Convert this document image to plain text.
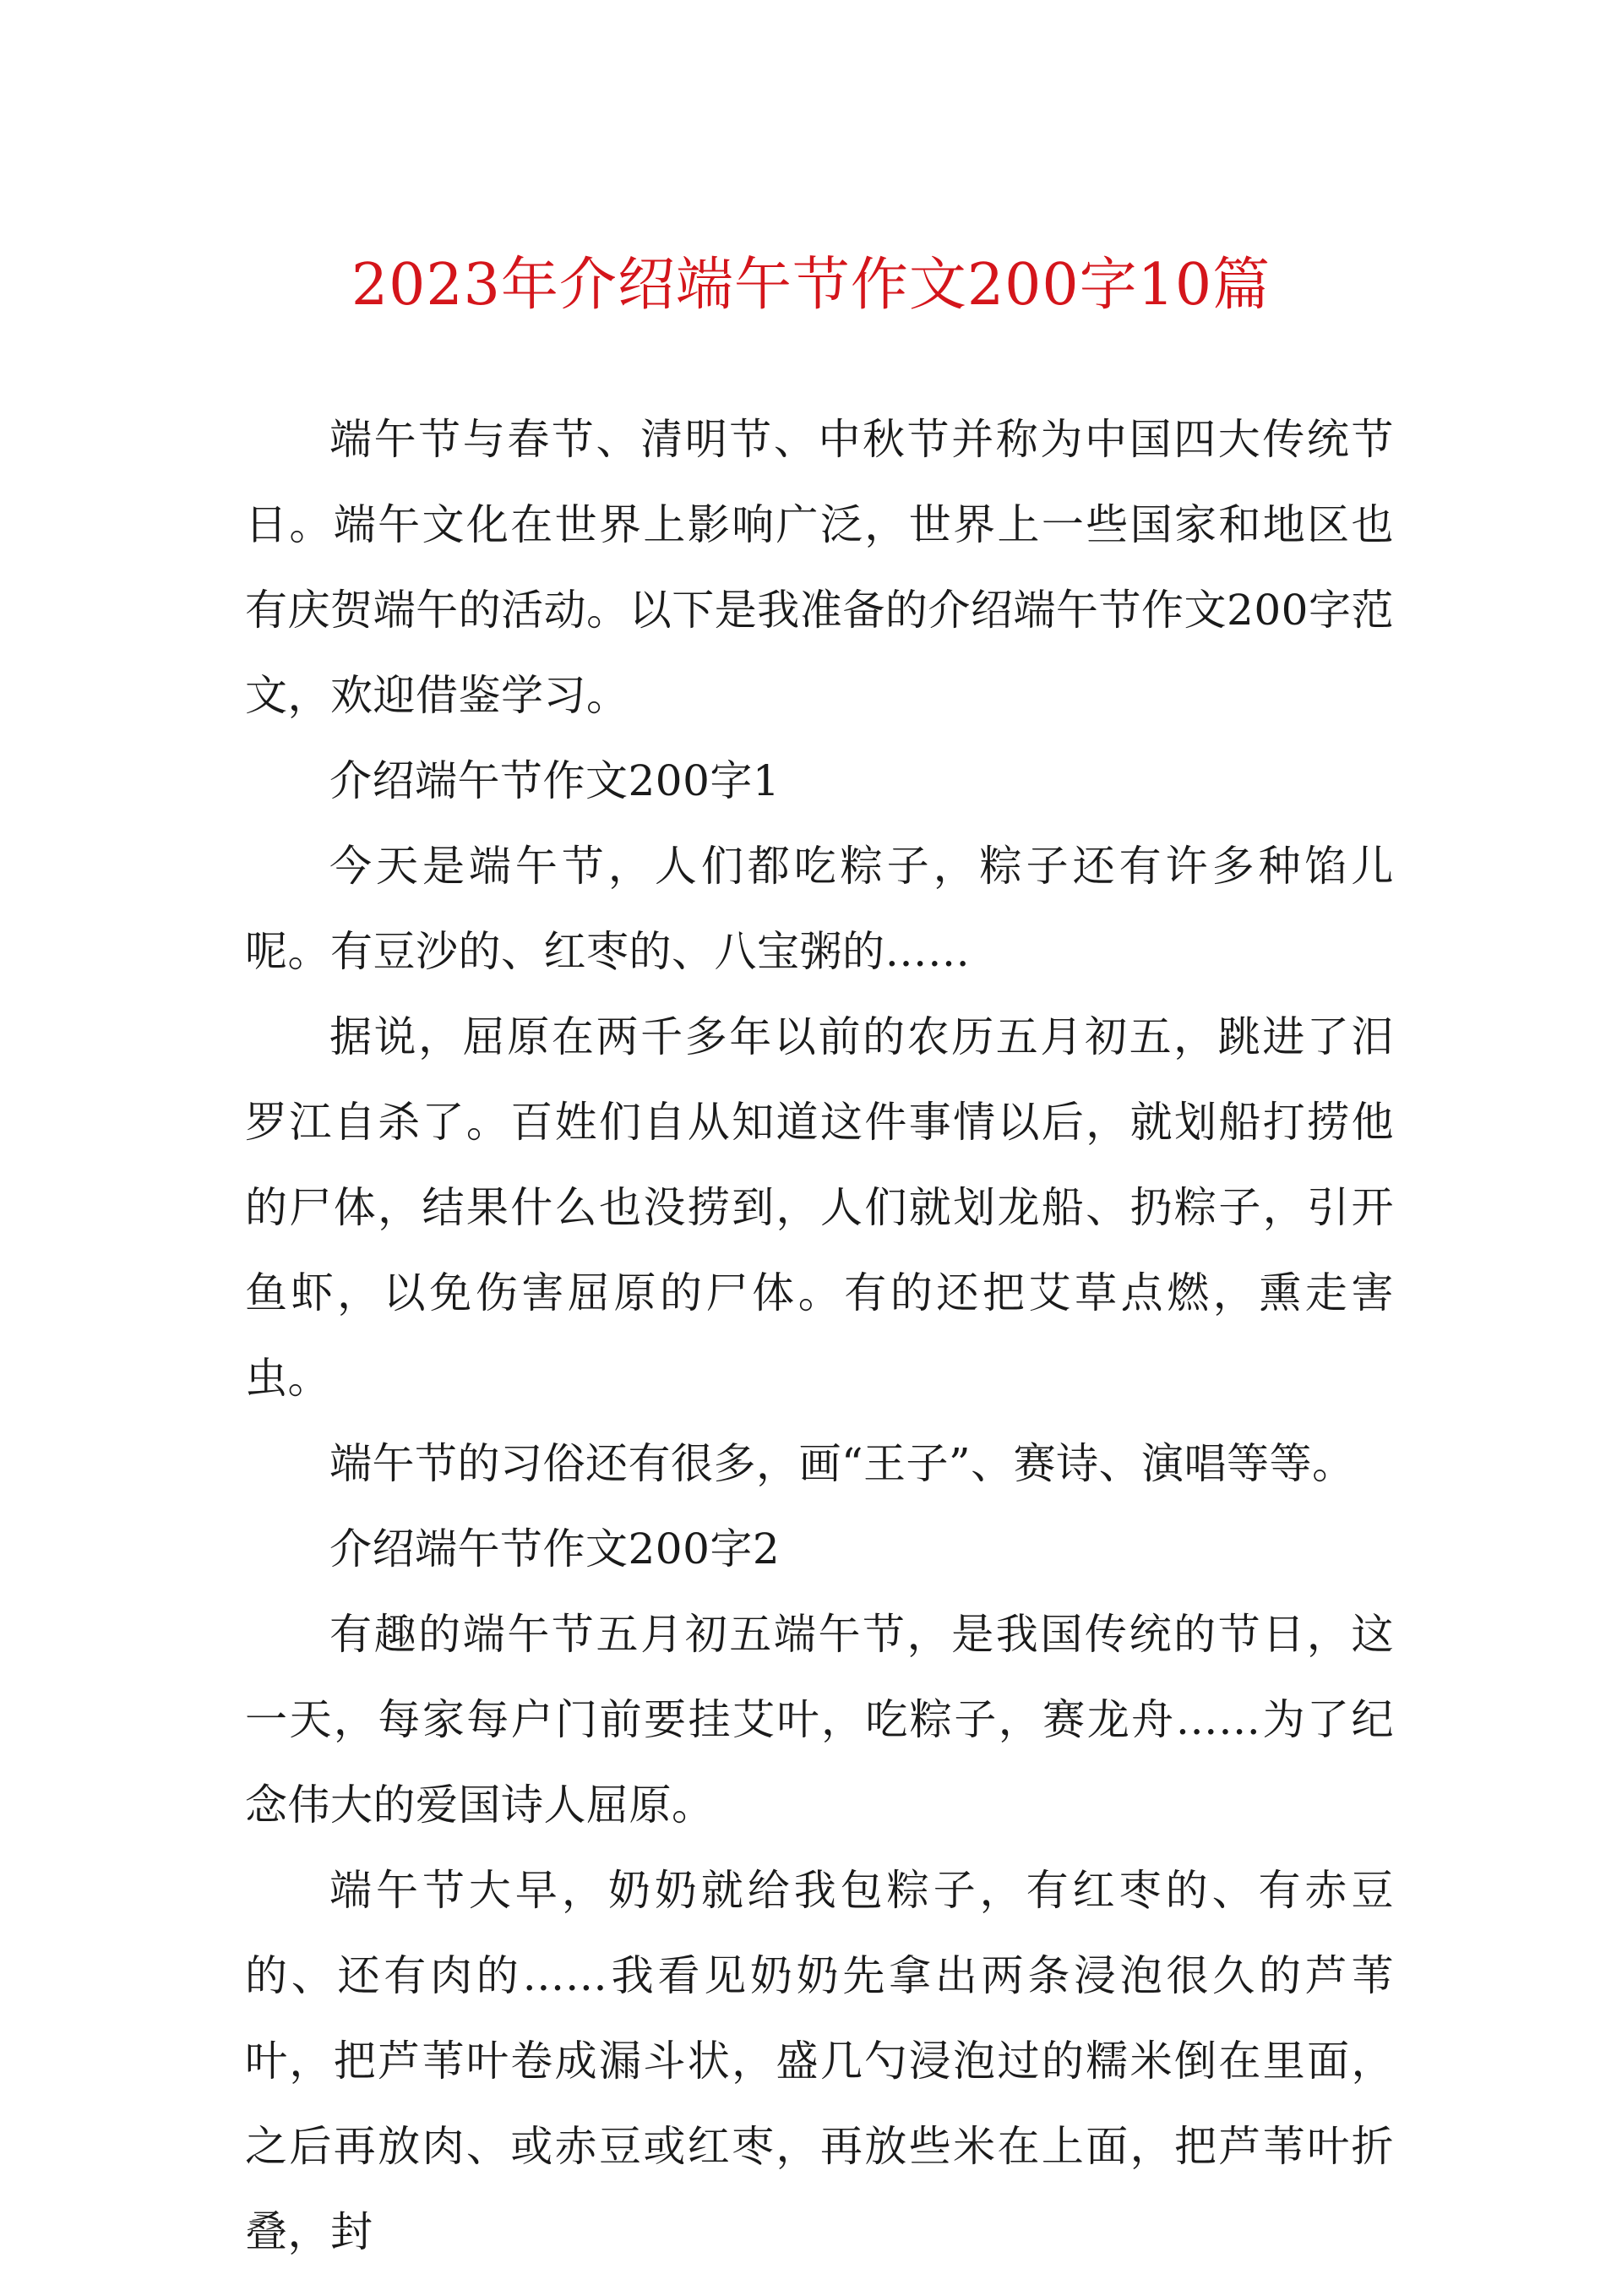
2023年介绍端午节作文200字10篇

端午节与春节、清明节、中秋节并称为中国四大传统节日。端午文化在世界上影响广泛，世界上一些国家和地区也有庆贺端午的活动。以下是我准备的介绍端午节作文200字范文，欢迎借鉴学习。

介绍端午节作文200字1

今天是端午节，人们都吃粽子，粽子还有许多种馅儿呢。有豆沙的、红枣的、八宝粥的……

据说，屈原在两千多年以前的农历五月初五，跳进了汨罗江自杀了。百姓们自从知道这件事情以后，就划船打捞他的尸体，结果什么也没捞到，人们就划龙船、扔粽子，引开鱼虾，以免伤害屈原的尸体。有的还把艾草点燃，熏走害虫。

端午节的习俗还有很多，画“王子”、赛诗、演唱等等。

介绍端午节作文200字2

有趣的端午节五月初五端午节，是我国传统的节日，这一天，每家每户门前要挂艾叶，吃粽子，赛龙舟……为了纪念伟大的爱国诗人屈原。

端午节大早，奶奶就给我包粽子，有红枣的、有赤豆的、还有肉的……我看见奶奶先拿出两条浸泡很久的芦苇叶，把芦苇叶卷成漏斗状，盛几勺浸泡过的糯米倒在里面，之后再放肉、或赤豆或红枣，再放些米在上面，把芦苇叶折叠，封
